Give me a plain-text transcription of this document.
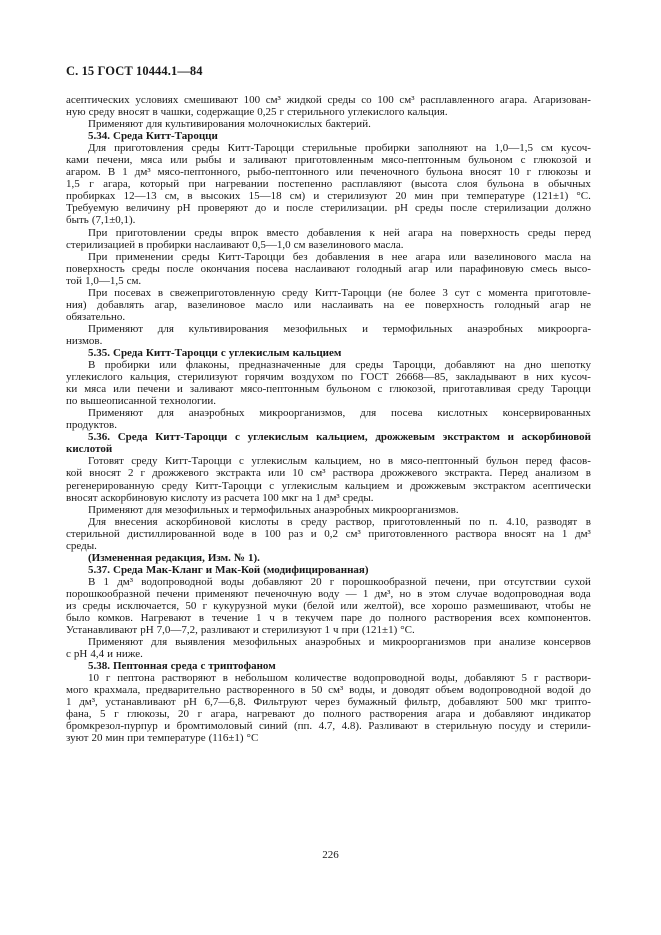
С. 15 ГОСТ 10444.1—84
асептических условиях смешивают 100 см³ жидкой среды со 100 см³ расплавленного агара. Агаризован-
ную среду вносят в чашки, содержащие 0,25 г стерильного углекислого кальция.
Применяют для культивирования молочнокислых бактерий.
5.34. Среда Китт-Тароцци
Для приготовления среды Китт-Тароцци стерильные пробирки заполняют на 1,0—1,5 см кусоч-
ками печени, мяса или рыбы и заливают приготовленным мясо-пептонным бульоном с глюкозой и
агаром. В 1 дм³ мясо-пептонного, рыбо-пептонного или печеночного бульона вносят 10 г глюкозы и
1,5 г агара, который при нагревании постепенно расплавляют (высота слоя бульона в обычных
пробирках 12—13 см, в высоких 15—18 см) и стерилизуют 20 мин при температуре (121±1) °С.
Требуемую величину рН проверяют до и после стерилизации. рН среды после стерилизации должно
быть (7,1±0,1).
При приготовлении среды впрок вместо добавления к ней агара на поверхность среды перед
стерилизацией в пробирки наслаивают 0,5—1,0 см вазелинового масла.
При применении среды Китт-Тароцци без добавления в нее агара или вазелинового масла на
поверхность среды после окончания посева наслаивают голодный агар или парафиновую смесь высо-
той 1,0—1,5 см.
При посевах в свежеприготовленную среду Китт-Тароцци (не более 3 сут с момента приготовле-
ния) добавлять агар, вазелиновое масло или наслаивать на ее поверхность голодный агар не
обязательно.
Применяют для культивирования мезофильных и термофильных анаэробных микроорга-
низмов.
5.35. Среда Китт-Тароцци с углекислым кальцием
В пробирки или флаконы, предназначенные для среды Тароцци, добавляют на дно шепотку
углекислого кальция, стерилизуют горячим воздухом по ГОСТ 26668—85, закладывают в них кусоч-
ки мяса или печени и заливают мясо-пептонным бульоном с глюкозой, приготавливая среду Тароцци
по вышеописанной технологии.
Применяют для анаэробных микроорганизмов, для посева кислотных консервированных
продуктов.
5.36. Среда Китт-Тароцци с углекислым кальцием, дрожжевым экстрактом и аскорбиновой
кислотой
Готовят среду Китт-Тароцци с углекислым кальцием, но в мясо-пептонный бульон перед фасов-
кой вносят 2 г дрожжевого экстракта или 10 см³ раствора дрожжевого экстракта. Перед анализом в
регенерированную среду Китт-Тароцци с углекислым кальцием и дрожжевым экстрактом асептически
вносят аскорбиновую кислоту из расчета 100 мкг на 1 дм³ среды.
Применяют для мезофильных и термофильных анаэробных микроорганизмов.
Для внесения аскорбиновой кислоты в среду раствор, приготовленный по п. 4.10, разводят в
стерильной дистиллированной воде в 100 раз и 0,2 см³ приготовленного раствора вносят на 1 дм³
среды.
(Измененная редакция, Изм. № 1).
5.37. Среда Мак-Кланг и Мак-Кой (модифицированная)
В 1 дм³ водопроводной воды добавляют 20 г порошкообразной печени, при отсутствии сухой
порошкообразной печени применяют печеночную воду — 1 дм³, но в этом случае водопроводная вода
из среды исключается, 50 г кукурузной муки (белой или желтой), все хорошо размешивают, чтобы не
было комков. Нагревают в течение 1 ч в текучем паре до полного растворения всех компонентов.
Устанавливают рН 7,0—7,2, разливают и стерилизуют 1 ч при (121±1) °С.
Применяют для выявления мезофильных анаэробных и микроорганизмов при анализе консервов
с рН 4,4 и ниже.
5.38. Пептонная среда с триптофаном
10 г пептона растворяют в небольшом количестве водопроводной воды, добавляют 5 г раствори-
мого крахмала, предварительно растворенного в 50 см³ воды, и доводят объем водопроводной водой до
1 дм³, устанавливают рН 6,7—6,8. Фильтруют через бумажный фильтр, добавляют 500 мкг трипто-
фана, 5 г глюкозы, 20 г агара, нагревают до полного растворения агара и добавляют индикатор
бромкрезол-пурпур и бромтимоловый синий (пп. 4.7, 4.8). Разливают в стерильную посуду и стерили-
зуют 20 мин при температуре (116±1) °С
226
